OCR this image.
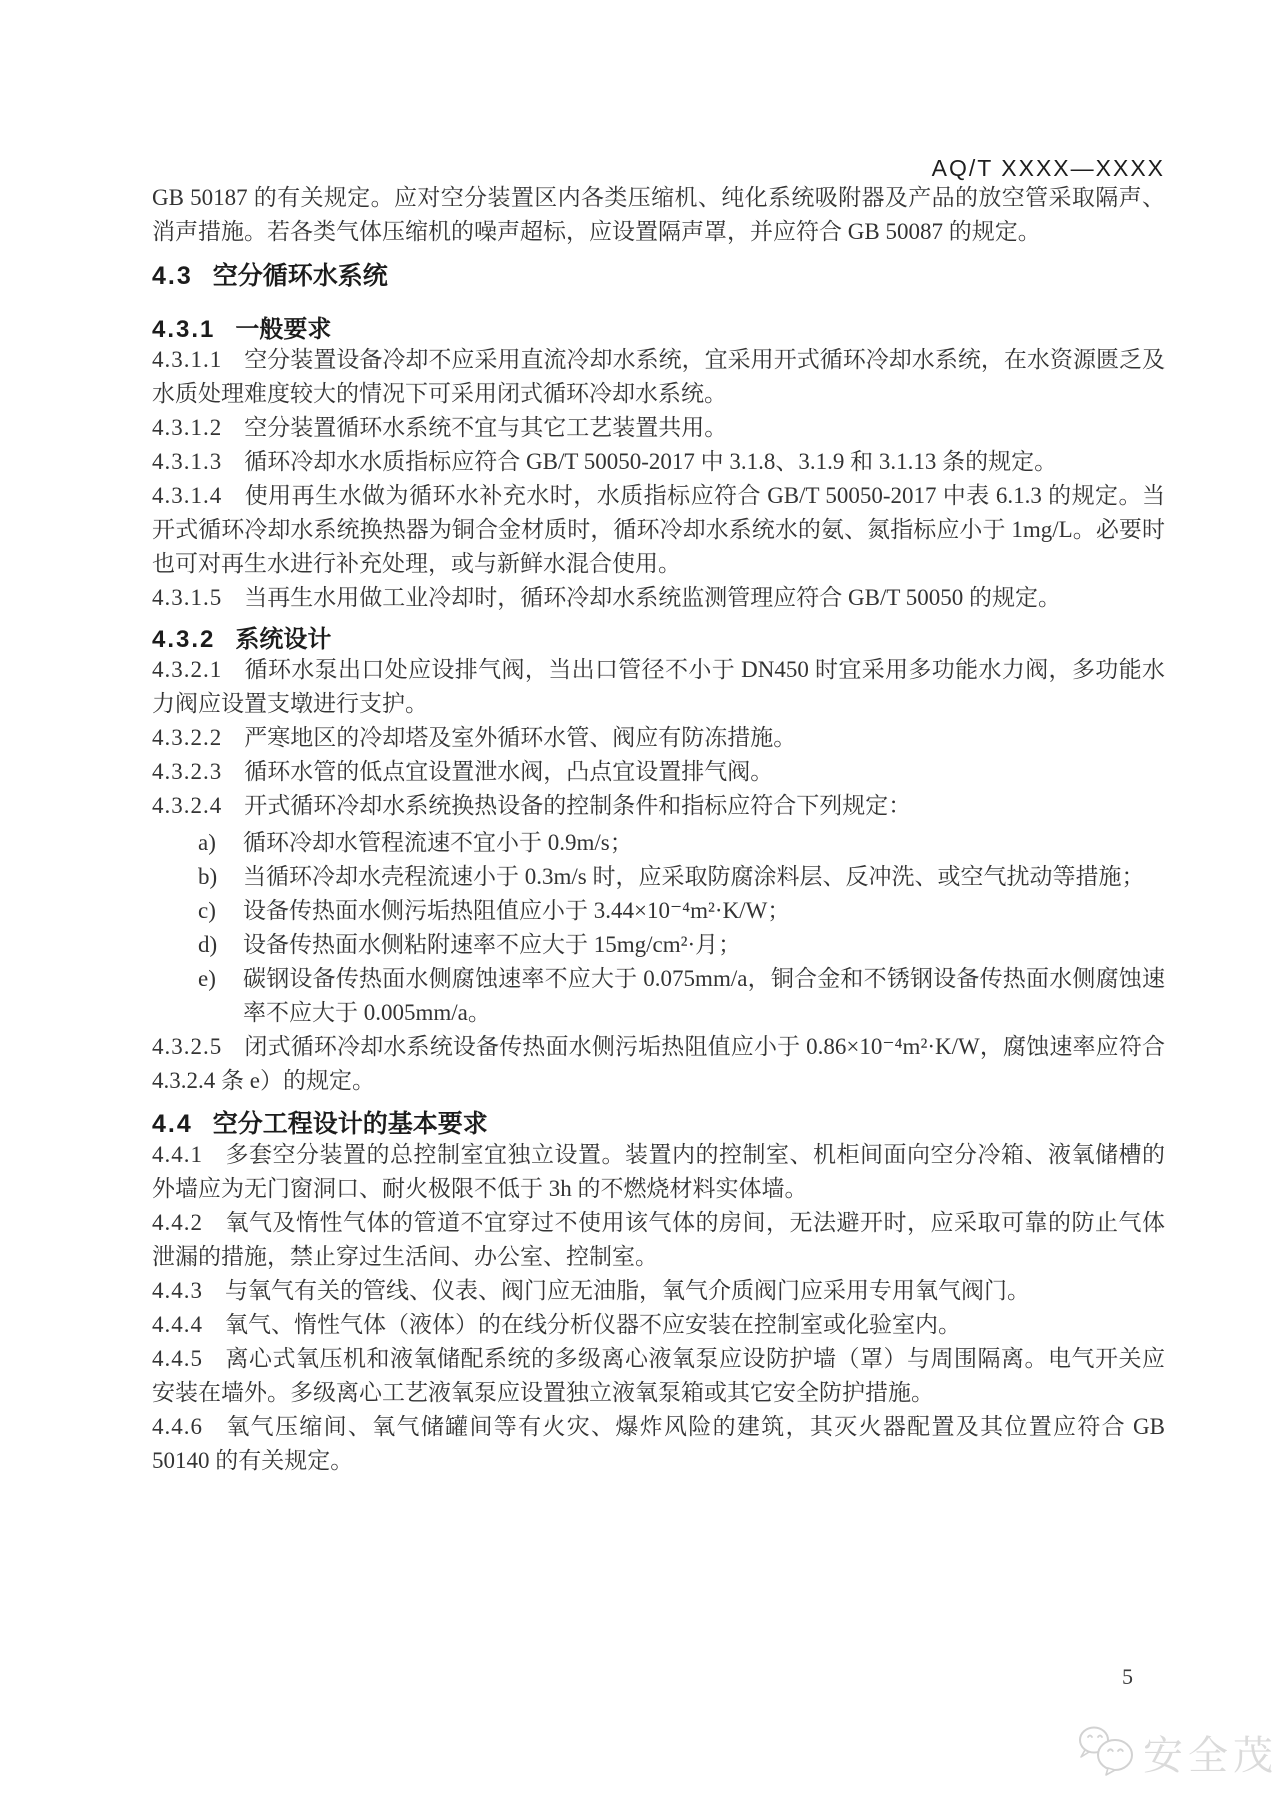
AQ/T XXXX—XXXX

GB 50187 的有关规定。应对空分装置区内各类压缩机、纯化系统吸附器及产品的放空管采取隔声、消声措施。若各类气体压缩机的噪声超标，应设置隔声罩，并应符合 GB 50087 的规定。

4.3 空分循环水系统
4.3.1 一般要求

4.3.1.1 空分装置设备冷却不应采用直流冷却水系统，宜采用开式循环冷却水系统，在水资源匮乏及水质处理难度较大的情况下可采用闭式循环冷却水系统。

4.3.1.2 空分装置循环水系统不宜与其它工艺装置共用。

4.3.1.3 循环冷却水水质指标应符合 GB/T 50050-2017 中 3.1.8、3.1.9 和 3.1.13 条的规定。

4.3.1.4 使用再生水做为循环水补充水时，水质指标应符合 GB/T 50050-2017 中表 6.1.3 的规定。当开式循环冷却水系统换热器为铜合金材质时，循环冷却水系统水的氨、氮指标应小于 1mg/L。必要时也可对再生水进行补充处理，或与新鲜水混合使用。

4.3.1.5 当再生水用做工业冷却时，循环冷却水系统监测管理应符合 GB/T 50050 的规定。

4.3.2 系统设计

4.3.2.1 循环水泵出口处应设排气阀，当出口管径不小于 DN450 时宜采用多功能水力阀，多功能水力阀应设置支墩进行支护。

4.3.2.2 严寒地区的冷却塔及室外循环水管、阀应有防冻措施。

4.3.2.3 循环水管的低点宜设置泄水阀，凸点宜设置排气阀。

4.3.2.4 开式循环冷却水系统换热设备的控制条件和指标应符合下列规定：

a)	循环冷却水管程流速不宜小于 0.9m/s；
b)	当循环冷却水壳程流速小于 0.3m/s 时，应采取防腐涂料层、反冲洗、或空气扰动等措施；
c)	设备传热面水侧污垢热阻值应小于 3.44×10⁻⁴m²·K/W；
d)	设备传热面水侧粘附速率不应大于 15mg/cm²·月；
e)	碳钢设备传热面水侧腐蚀速率不应大于 0.075mm/a，铜合金和不锈钢设备传热面水侧腐蚀速率不应大于 0.005mm/a。

4.3.2.5 闭式循环冷却水系统设备传热面水侧污垢热阻值应小于 0.86×10⁻⁴m²·K/W，腐蚀速率应符合 4.3.2.4 条 e）的规定。

4.4 空分工程设计的基本要求

4.4.1 多套空分装置的总控制室宜独立设置。装置内的控制室、机柜间面向空分冷箱、液氧储槽的外墙应为无门窗洞口、耐火极限不低于 3h 的不燃烧材料实体墙。

4.4.2 氧气及惰性气体的管道不宜穿过不使用该气体的房间，无法避开时，应采取可靠的防止气体泄漏的措施，禁止穿过生活间、办公室、控制室。

4.4.3 与氧气有关的管线、仪表、阀门应无油脂，氧气介质阀门应采用专用氧气阀门。

4.4.4 氧气、惰性气体（液体）的在线分析仪器不应安装在控制室或化验室内。

4.4.5 离心式氧压机和液氧储配系统的多级离心液氧泵应设防护墙（罩）与周围隔离。电气开关应安装在墙外。多级离心工艺液氧泵应设置独立液氧泵箱或其它安全防护措施。

4.4.6 氧气压缩间、氧气储罐间等有火灾、爆炸风险的建筑，其灭火器配置及其位置应符合 GB 50140 的有关规定。

5
安全茂
